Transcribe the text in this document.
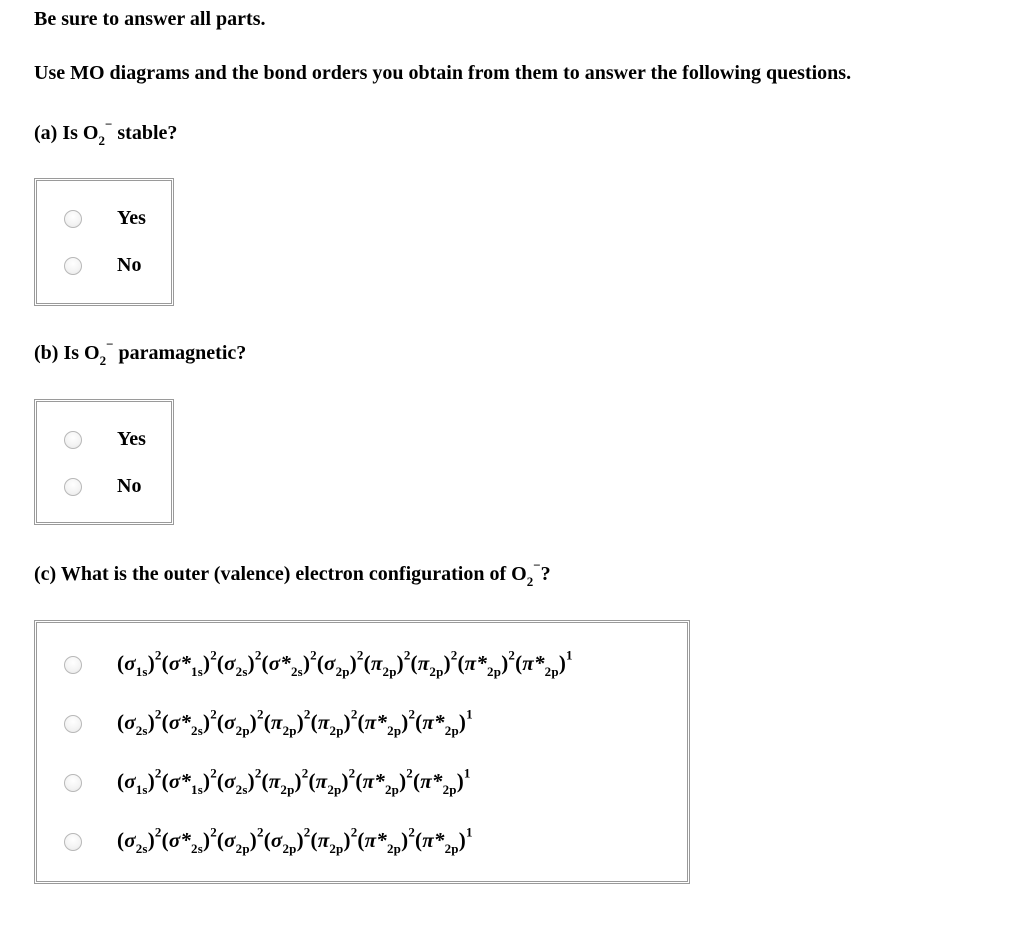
Be sure to answer all parts.
Use MO diagrams and the bond orders you obtain from them to answer the following questions.
(a) Is $O_2^-$ stable?
Yes
No
(b) Is $O_2^-$ paramagnetic?
Yes
No
(c) What is the outer (valence) electron configuration of $O_2^-$?
$(\sigma_{1s})^2(\sigma*_{1s})^2(\sigma_{2s})^2(\sigma*_{2s})^2(\sigma_{2p})^2(\pi_{2p})^2(\pi_{2p})^2(\pi*_{2p})^2(\pi*_{2p})^1$
$(\sigma_{2s})^2(\sigma*_{2s})^2(\sigma_{2p})^2(\pi_{2p})^2(\pi_{2p})^2(\pi*_{2p})^2(\pi*_{2p})^1$
$(\sigma_{1s})^2(\sigma*_{1s})^2(\sigma_{2s})^2(\pi_{2p})^2(\pi_{2p})^2(\pi*_{2p})^2(\pi*_{2p})^1$
$(\sigma_{2s})^2(\sigma*_{2s})^2(\sigma_{2p})^2(\sigma_{2p})^2(\pi_{2p})^2(\pi*_{2p})^2(\pi*_{2p})^1$
